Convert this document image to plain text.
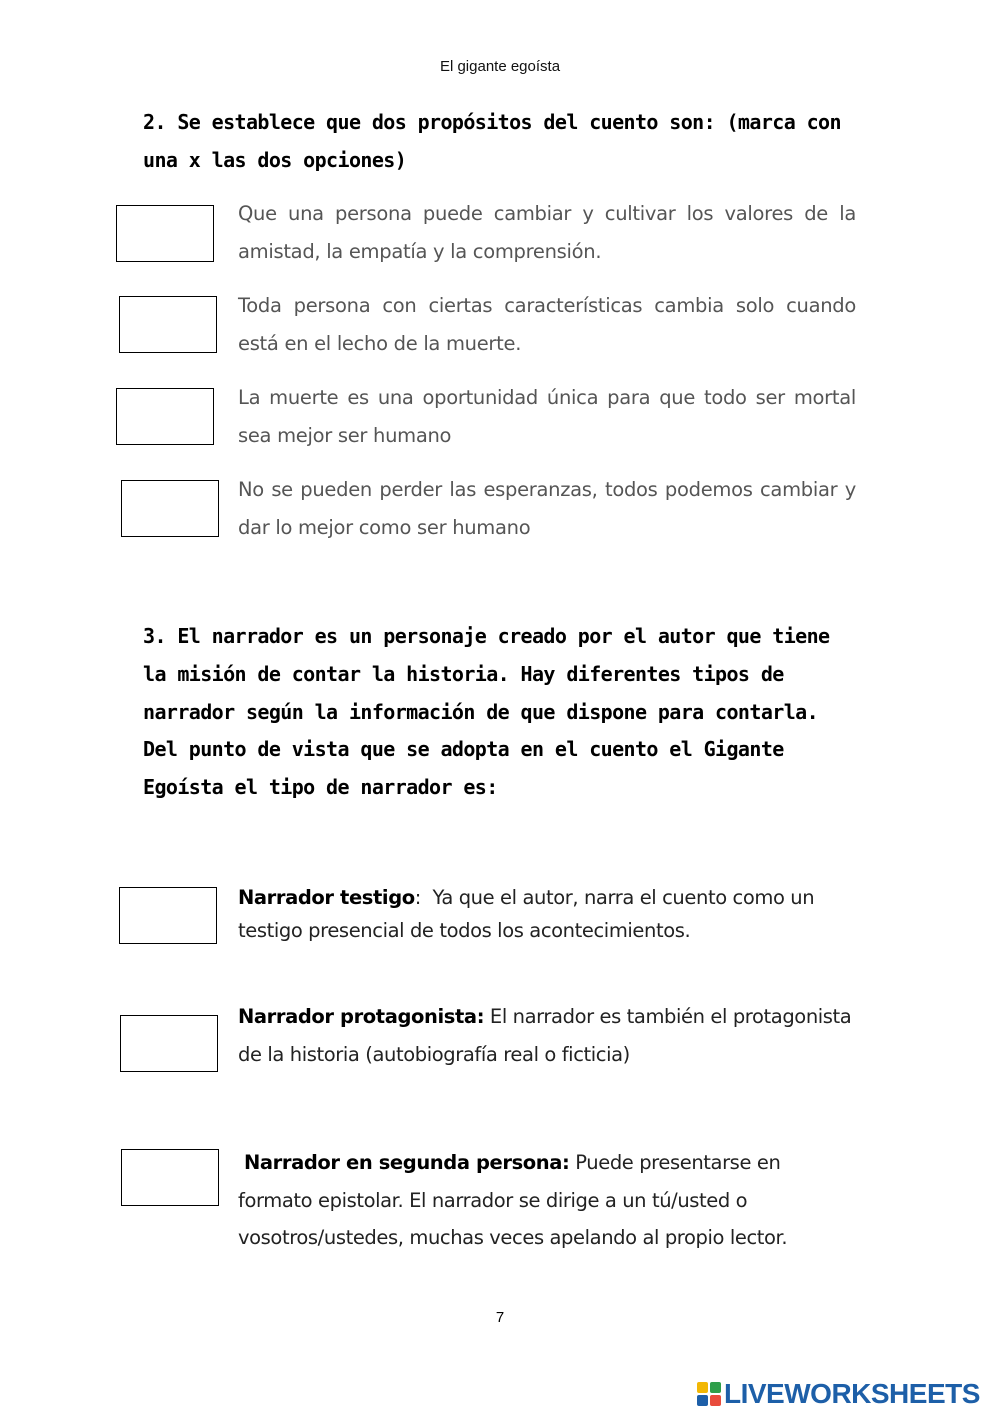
El gigante egoísta
2. Se establece que dos propósitos del cuento son: (marca con una x las dos opciones)
Que una persona puede cambiar y cultivar los valores de la amistad, la empatía y la comprensión.
Toda persona con ciertas características cambia solo cuando está en el lecho de la muerte.
La muerte es una oportunidad única para que todo ser mortal sea mejor ser humano
No se pueden perder las esperanzas, todos podemos cambiar y dar lo mejor como ser humano
3. El narrador es un personaje creado por el autor que tiene la misión de contar la historia. Hay diferentes tipos de narrador según la información de que dispone para contarla. Del punto de vista que se adopta en el cuento el Gigante Egoísta el tipo de narrador es:
Narrador testigo:  Ya que el autor, narra el cuento como un testigo presencial de todos los acontecimientos.
Narrador protagonista: El narrador es también el protagonista de la historia (autobiografía real o ficticia)
Narrador en segunda persona: Puede presentarse en formato epistolar. El narrador se dirige a un tú/usted o vosotros/ustedes, muchas veces apelando al propio lector.
7
LIVEWORKSHEETS
